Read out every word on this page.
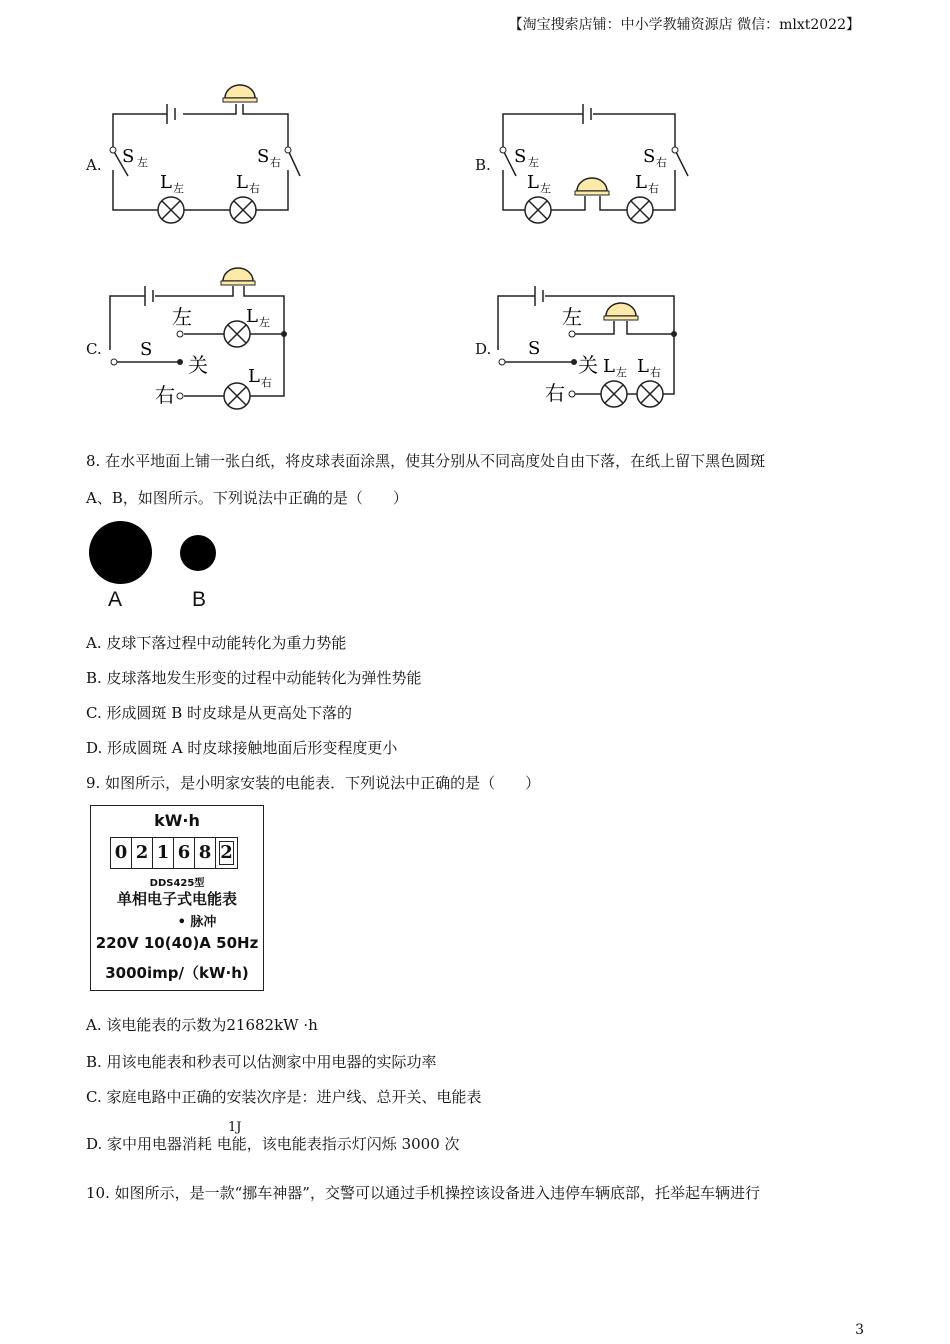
【淘宝搜索店铺：中小学教辅资源店 微信：mlxt2022】
A.	B.
C.	D.
S 左	S 右
L 左	L 右
S 左	S 右
L 左	L 右
左
S
关
右
L 左
L 右
左
S
关 L 左 L 右
右
8. 在水平地面上铺一张白纸，将皮球表面涂黑，使其分别从不同高度处自由下落，在纸上留下黑色圆斑
A、B，如图所示。下列说法中正确的是（　　）
A	B
A. 皮球下落过程中动能转化为重力势能
B. 皮球落地发生形变的过程中动能转化为弹性势能
C. 形成圆斑 B 时皮球是从更高处下落的
D. 形成圆斑 A 时皮球接触地面后形变程度更小
9. 如图所示，是小明家安装的电能表．下列说法中正确的是（　　）
kW·h
0 2 1 6 8 2
DDS425型
单相电子式电能表
• 脉冲
220V 10(40)A 50Hz
3000imp/（kW·h)
A. 该电能表的示数为21682kW ·h
B. 用该电能表和秒表可以估测家中用电器的实际功率
C. 家庭电路中正确的安装次序是：进户线、总开关、电能表
D. 家中用电器消耗 电能，该电能表指示灯闪烁 3000 次
1J
10. 如图所示，是一款“挪车神器”，交警可以通过手机操控该设备进入违停车辆底部，托举起车辆进行
3
